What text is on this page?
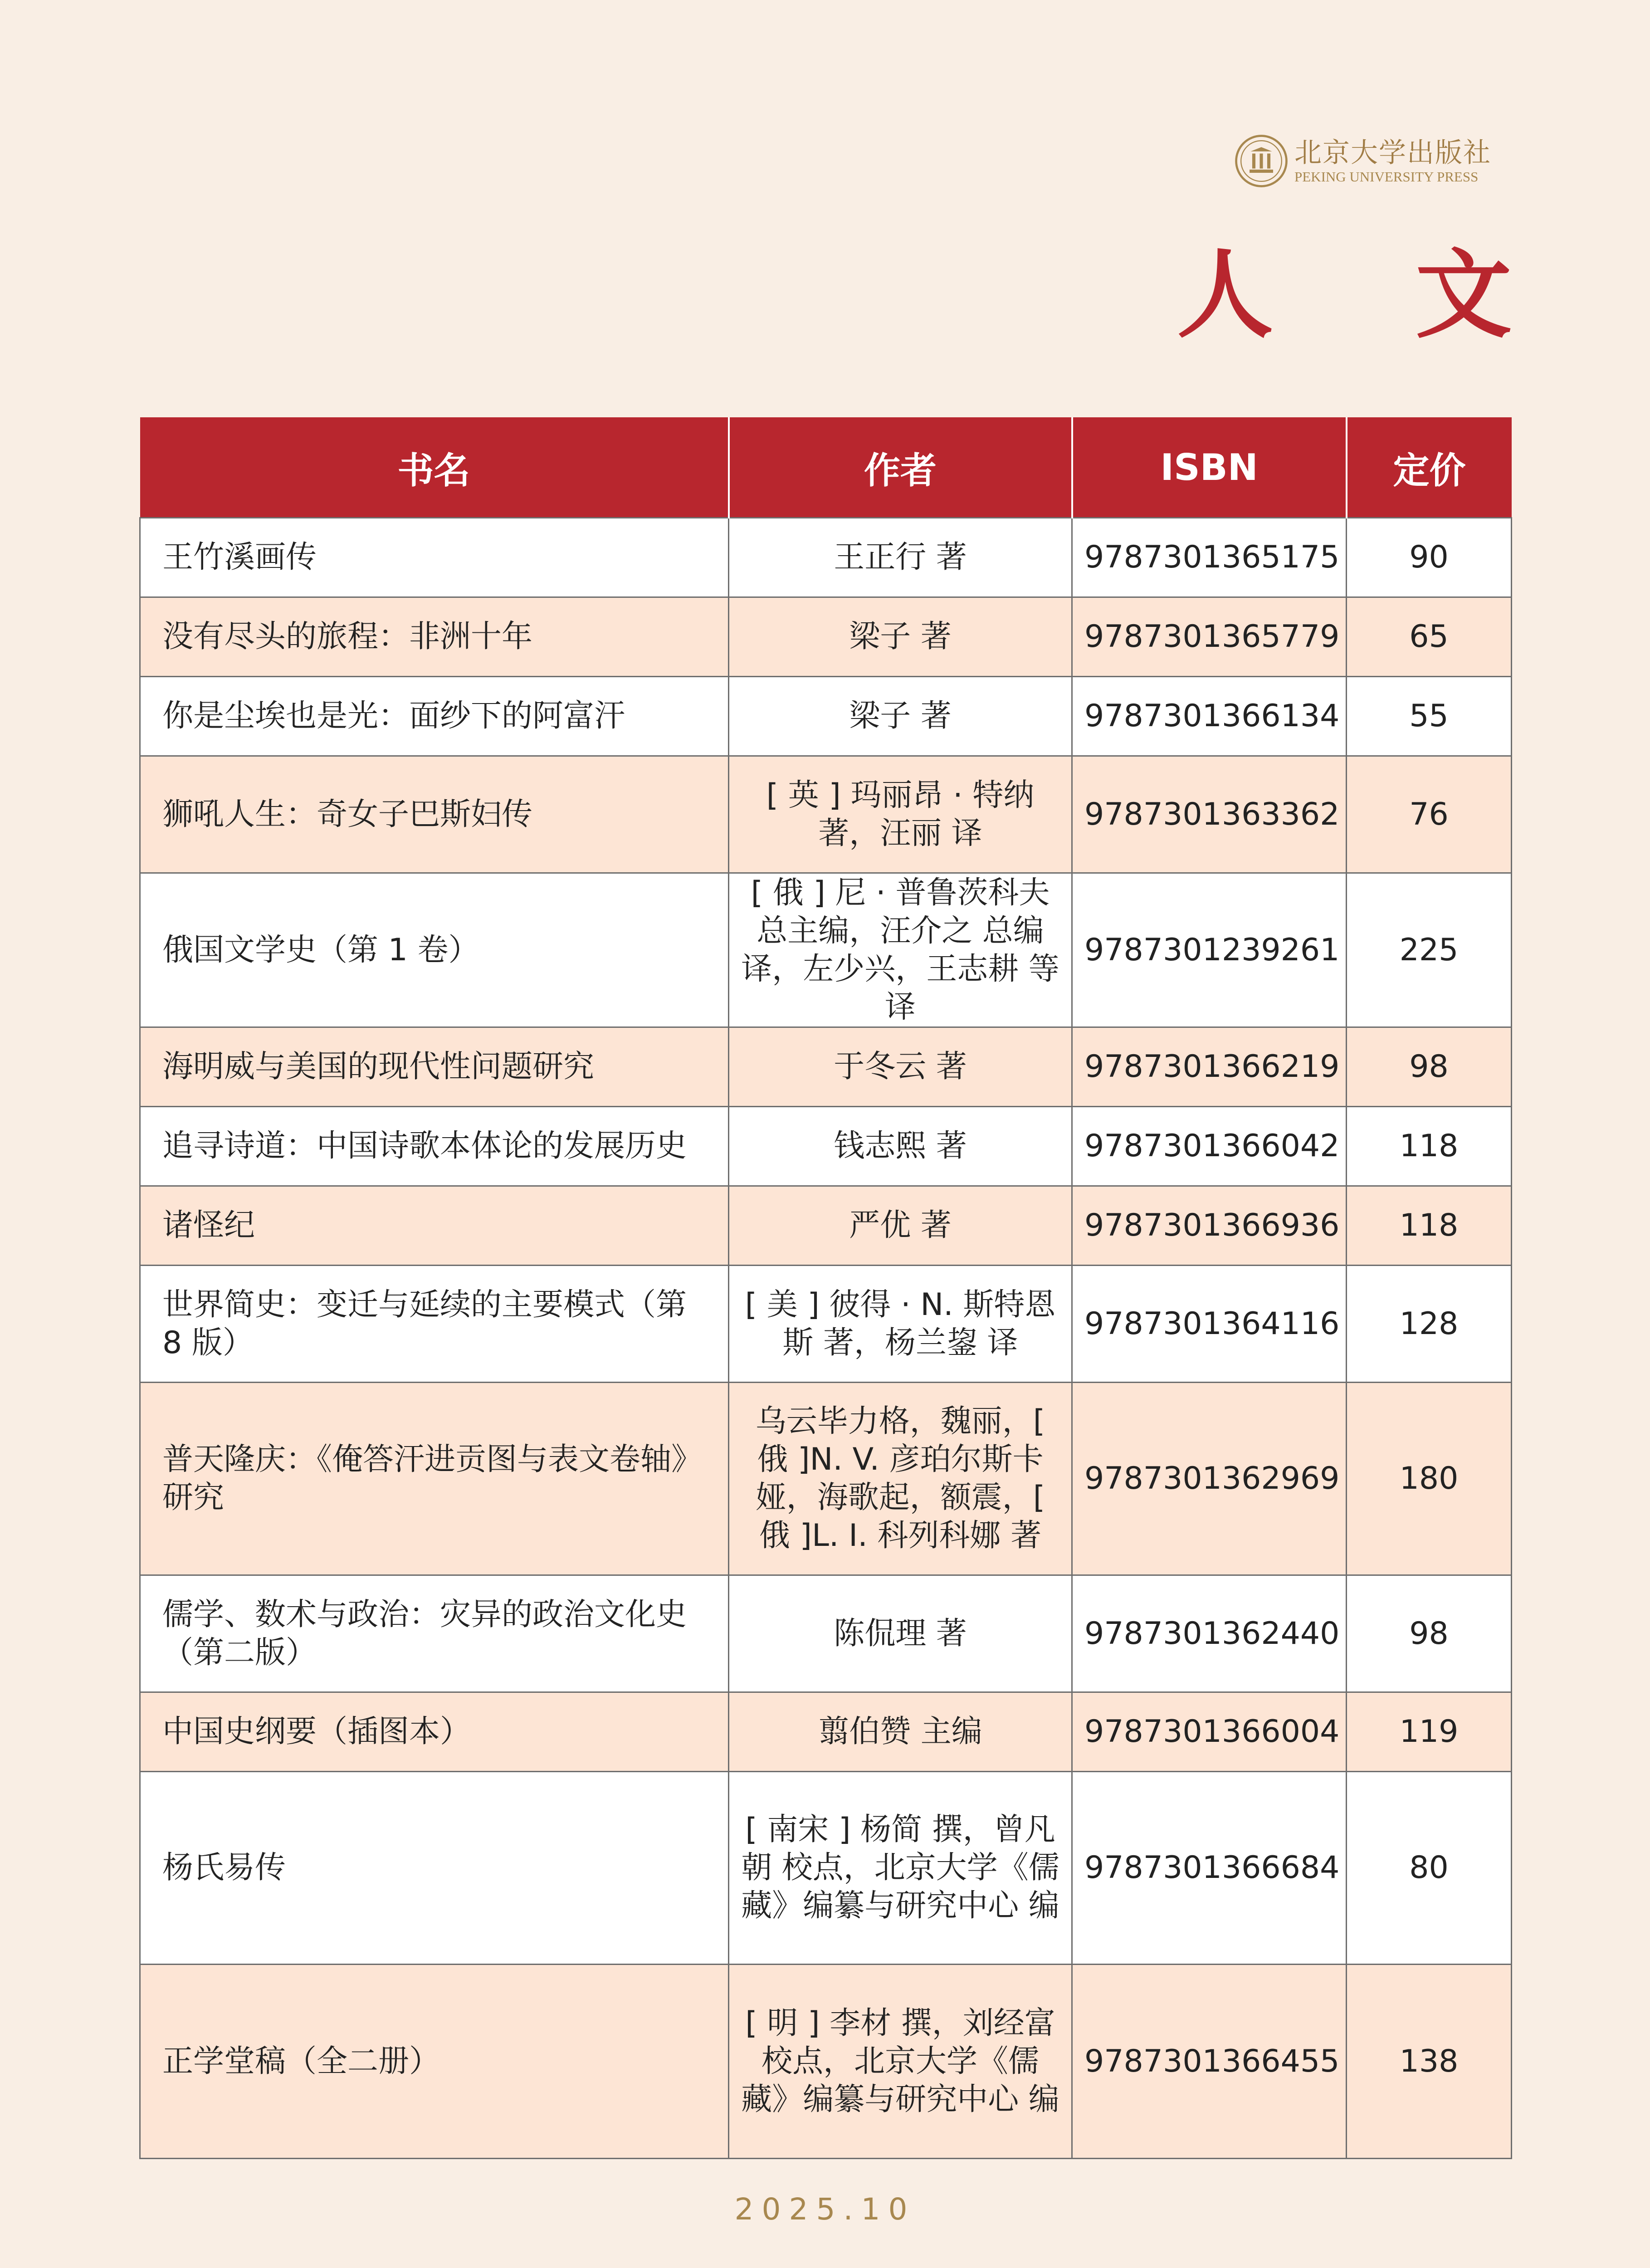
北京大学出版社
PEKING UNIVERSITY PRESS
人 文
书名	作者	ISBN	定价
王竹溪画传	王正行 著	9787301365175	90
没有尽头的旅程：非洲十年	梁子 著	9787301365779	65
你是尘埃也是光：面纱下的阿富汗	梁子 著	9787301366134	55
狮吼人生：奇女子巴斯妇传	[ 英 ] 玛丽昂 · 特纳 著，汪丽 译	9787301363362	76
俄国文学史（第 1 卷）	[ 俄 ] 尼 · 普鲁茨科夫 总主编，汪介之 总编译，左少兴，王志耕 等译	9787301239261	225
海明威与美国的现代性问题研究	于冬云 著	9787301366219	98
追寻诗道：中国诗歌本体论的发展历史	钱志熙 著	9787301366042	118
诸怪纪	严优 著	9787301366936	118
世界简史：变迁与延续的主要模式（第 8 版）	[ 美 ] 彼得 · N. 斯特恩斯 著，杨兰鋆 译	9787301364116	128
普天隆庆：《俺答汗进贡图与表文卷轴》研究	乌云毕力格，魏丽，[ 俄 ]N. V. 彦珀尔斯卡娅，海歌起，额震，[ 俄 ]L. I. 科列科娜 著	9787301362969	180
儒学、数术与政治：灾异的政治文化史（第二版）	陈侃理 著	9787301362440	98
中国史纲要（插图本）	翦伯赞 主编	9787301366004	119
杨氏易传	[ 南宋 ] 杨简 撰，曾凡朝 校点，北京大学《儒藏》编纂与研究中心 编	9787301366684	80
正学堂稿（全二册）	[ 明 ] 李材 撰，刘经富 校点，北京大学《儒藏》编纂与研究中心 编	9787301366455	138
2025.10
